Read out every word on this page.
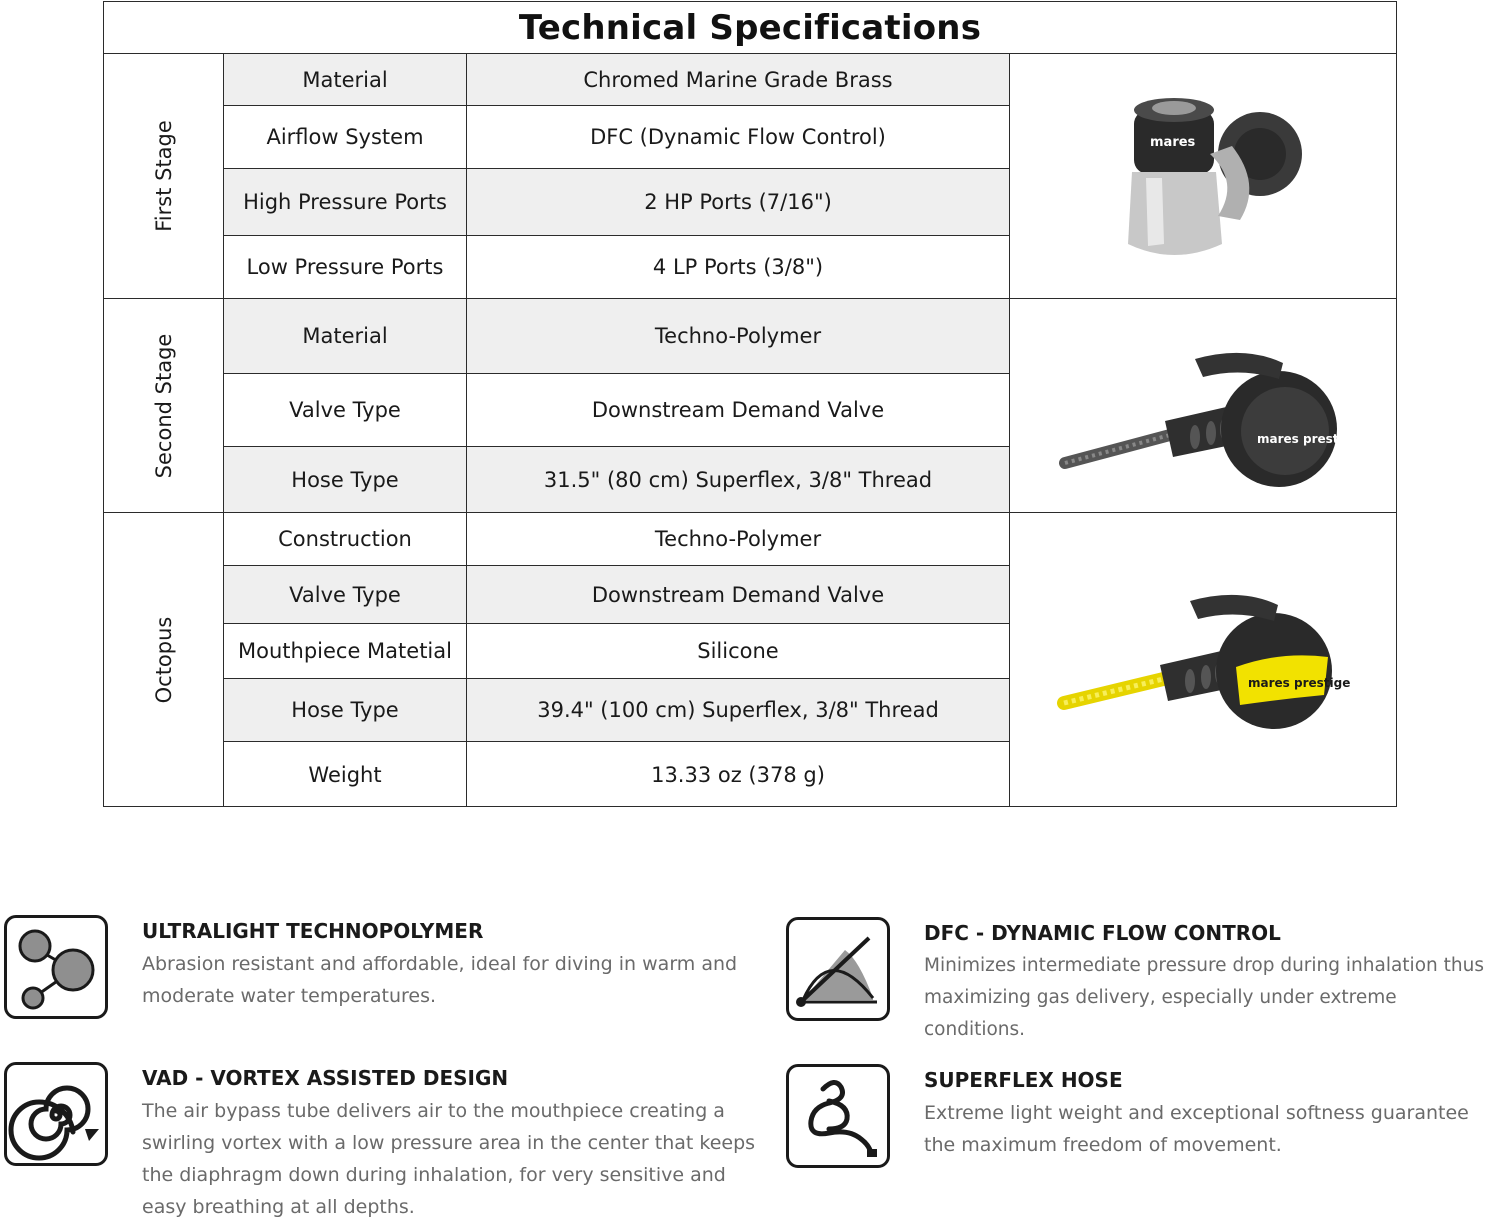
Technical Specifications
First Stage
Material	Chromed Marine Grade Brass
Airflow System	DFC (Dynamic Flow Control)
High Pressure Ports	2 HP Ports (7/16")
Low Pressure Ports	4 LP Ports (3/8")
mares
Second Stage	Material	Techno-Polymer
Valve Type	Downstream Demand Valve
Hose Type	31.5" (80 cm) Superflex, 3/8" Thread
mares prestige
Octopus
Construction	Techno-Polymer
Valve Type	Downstream Demand Valve
Mouthpiece Matetial	Silicone
Hose Type	39.4" (100 cm) Superflex, 3/8" Thread
Weight	13.33 oz (378 g)
mares prestige
ULTRALIGHT TECHNOPOLYMER
Abrasion resistant and affordable, ideal for diving in warm and moderate water temperatures.
DFC - DYNAMIC FLOW CONTROL
Minimizes intermediate pressure drop during inhalation thus maximizing gas delivery, especially under extreme conditions.
VAD - VORTEX ASSISTED DESIGN
The air bypass tube delivers air to the mouthpiece creating a swirling vortex with a low pressure area in the center that keeps the diaphragm down during inhalation, for very sensitive and easy breathing at all depths.
SUPERFLEX HOSE
Extreme light weight and exceptional softness guarantee the maximum freedom of movement.
